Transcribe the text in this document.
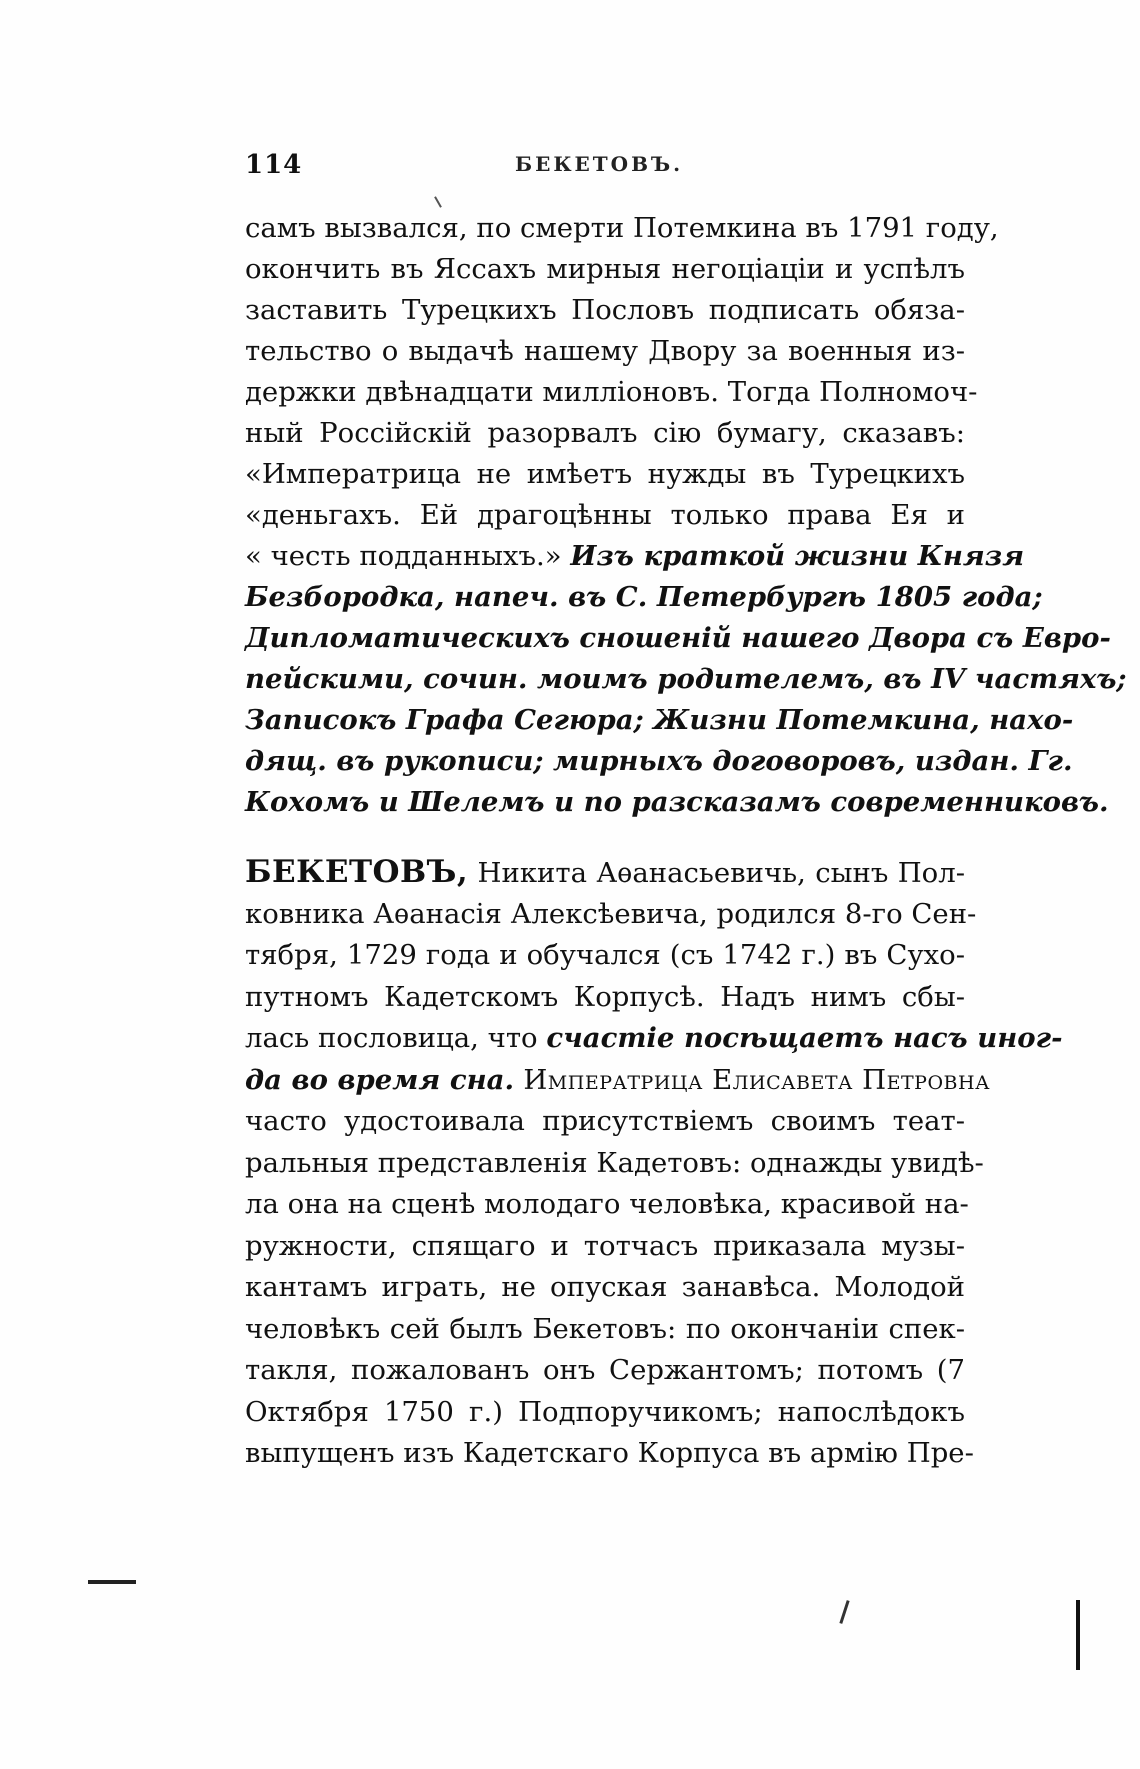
114	БЕКЕТОВЪ.
самъ вызвался, по смерти Потемкина въ 1791 году,
окончить въ Яссахъ мирныя негоціаціи и успѣлъ
заставить Турецкихъ Пословъ подписать обяза-
тельство о выдачѣ нашему Двору за военныя из-
держки двѣнадцати милліоновъ. Тогда Полномоч-
ный Россійскій разорвалъ сію бумагу, сказавъ:
«Императрица не имѣетъ нужды въ Турецкихъ
«деньгахъ. Ей драгоцѣнны только права Ея и
« честь подданныхъ.» Изъ краткой жизни Князя
Безбородка, напеч. въ С. Петербургѣ 1805 года;
Дипломатическихъ сношеній нашего Двора съ Евро-
пейскими, сочин. моимъ родителемъ, въ IV частяхъ;
Записокъ Графа Сегюра; Жизни Потемкина, нахо-
дящ. въ рукописи; мирныхъ договоровъ, издан. Гг.
Кохомъ и Шелемъ и по разсказамъ современниковъ.
БЕКЕТОВЪ, Никита Аѳанасьевичь, сынъ Пол-
ковника Аѳанасія Алексѣевича, родился 8-го Сен-
тября, 1729 года и обучался (съ 1742 г.) въ Сухо-
путномъ Кадетскомъ Корпусѣ. Надъ нимъ сбы-
лась пословица, что счастіе посѣщаетъ насъ иног-
да во время сна. Императрица Елисавета Петровна
часто удостоивала присутствіемъ своимъ теат-
ральныя представленія Кадетовъ: однажды увидѣ-
ла она на сценѣ молодаго человѣка, красивой на-
ружности, спящаго и тотчасъ приказала музы-
кантамъ играть, не опуская занавѣса. Молодой
человѣкъ сей былъ Бекетовъ: по окончаніи спек-
такля, пожалованъ онъ Сержантомъ; потомъ (7
Октября 1750 г.) Подпоручикомъ; напослѣдокъ
выпущенъ изъ Кадетскаго Корпуса въ армію Пре-
